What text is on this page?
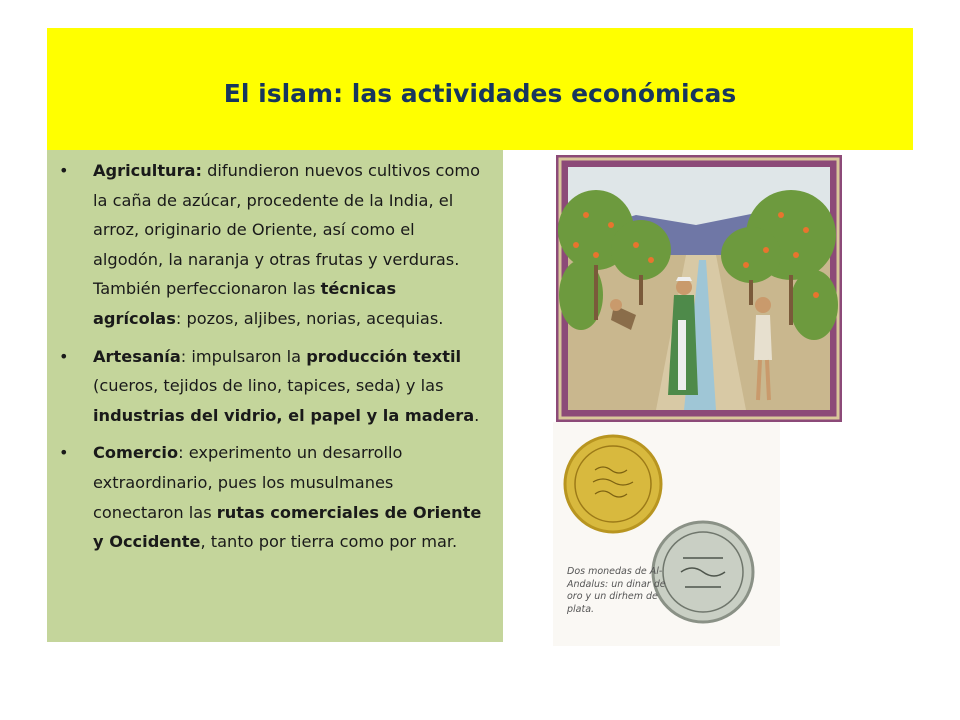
El islam: las actividades económicas
• Agricultura: difundieron nuevos cultivos como la caña de azúcar, procedente de la India, el arroz, originario de Oriente, así como el algodón, la naranja y otras frutas y verduras. También perfeccionaron las técnicas agrícolas: pozos, aljibes, norias, acequias.
• Artesanía: impulsaron la producción textil (cueros, tejidos de lino, tapices, seda) y las industrias del vidrio, el papel y la madera.
• Comercio: experimento un desarrollo extraordinario, pues los musulmanes conectaron las rutas comerciales de Oriente y Occidente, tanto por tierra como por mar.
Dos monedas de Al-Andalus: un dinar de oro y un dirhem de plata.
